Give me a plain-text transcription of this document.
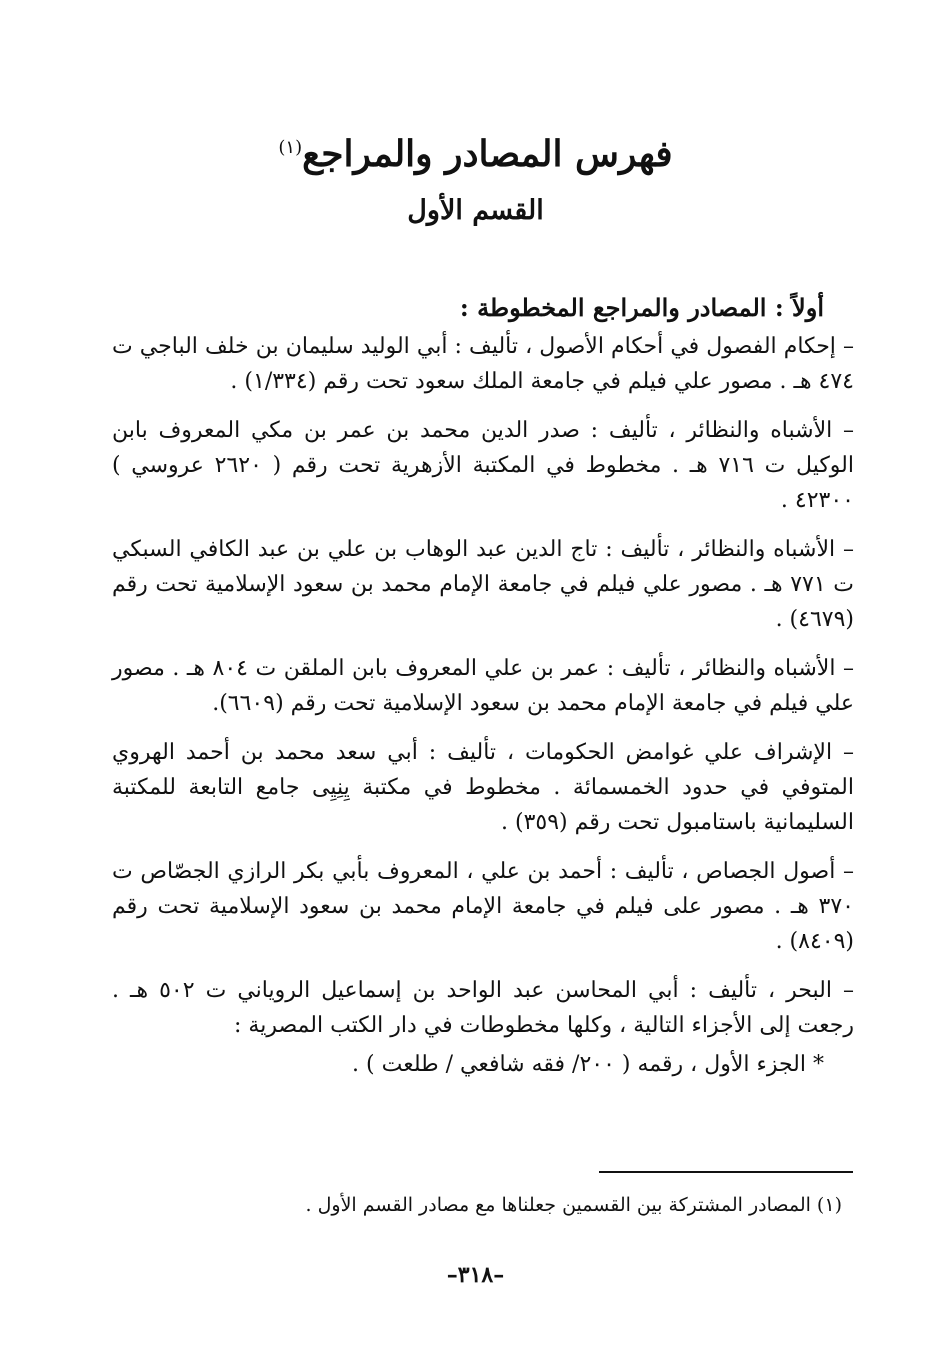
فهرس المصادر والمراجع$^{(١)}$
القسم الأول
أولاً : المصادر والمراجع المخطوطة :
– إحكام الفصول في أحكام الأصول ، تأليف : أبي الوليد سليمان بن خلف الباجي ت ٤٧٤ هـ . مصور علي فيلم في جامعة الملك سعود تحت رقم (١/٣٣٤) .
– الأشباه والنظائر ، تأليف : صدر الدين محمد بن عمر بن مكي المعروف بابن الوكيل ت ٧١٦ هـ . مخطوط في المكتبة الأزهرية تحت رقم ( ٢٦٢٠ عروسي ) ٤٢٣٠٠ .
– الأشباه والنظائر ، تأليف : تاج الدين عبد الوهاب بن علي بن عبد الكافي السبكي ت ٧٧١ هـ . مصور علي فيلم في جامعة الإمام محمد بن سعود الإسلامية تحت رقم (٤٦٧٩) .
– الأشباه والنظائر ، تأليف : عمر بن علي المعروف بابن الملقن ت ٨٠٤ هـ . مصور علي فيلم في جامعة الإمام محمد بن سعود الإسلامية تحت رقم (٦٦٠٩).
– الإشراف علي غوامض الحكومات ، تأليف : أبي سعد محمد بن أحمد الهروي المتوفي في حدود الخمسمائة . مخطوط في مكتبة يِنِيِى جامع التابعة للمكتبة السليمانية باستامبول تحت رقم (٣٥٩) .
– أصول الجصاص ، تأليف : أحمد بن علي ، المعروف بأبي بكر الرازي الجصّاص ت ٣٧٠ هـ . مصور على فيلم في جامعة الإمام محمد بن سعود الإسلامية تحت رقم (٨٤٠٩) .
– البحر ، تأليف : أبي المحاسن عبد الواحد بن إسماعيل الروياني ت ٥٠٢ هـ . رجعت إلى الأجزاء التالية ، وكلها مخطوطات في دار الكتب المصرية :
* الجزء الأول ، رقمه ( ٢٠٠/ فقه شافعي / طلعت ) .
(١) المصادر المشتركة بين القسمين جعلناها مع مصادر القسم الأول .
–٣١٨–
